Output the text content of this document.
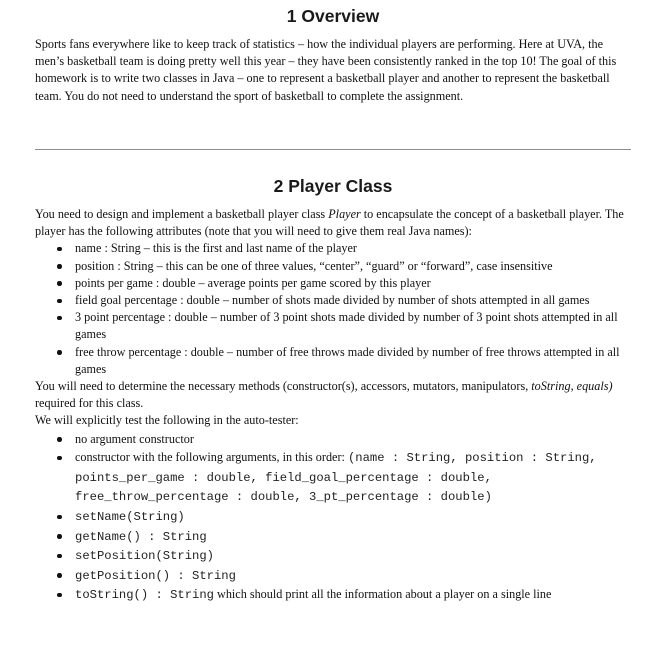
1 Overview

Sports fans everywhere like to keep track of statistics – how the individual players are performing. Here at UVA, the men’s basketball team is doing pretty well this year – they have been consistently ranked in the top 10! The goal of this homework is to write two classes in Java – one to represent a basketball player and another to represent the basketball team. You do not need to understand the sport of basketball to complete the assignment.

2 Player Class

You need to design and implement a basketball player class Player to encapsulate the concept of a basketball player. The player has the following attributes (note that you will need to give them real Java names):

name : String – this is the first and last name of the player
position : String – this can be one of three values, “center”, “guard” or “forward”, case insensitive
points per game : double – average points per game scored by this player
field goal percentage : double – number of shots made divided by number of shots attempted in all games
3 point percentage : double – number of 3 point shots made divided by number of 3 point shots attempted in all games
free throw percentage : double – number of free throws made divided by number of free throws attempted in all games

You will need to determine the necessary methods (constructor(s), accessors, mutators, manipulators, toString, equals) required for this class.

We will explicitly test the following in the auto-tester:

no argument constructor
constructor with the following arguments, in this order: (name : String, position : String,
points_per_game : double, field_goal_percentage : double,
free_throw_percentage : double, 3_pt_percentage : double)
setName(String)
getName() : String
setPosition(String)
getPosition() : String
toString() : String which should print all the information about a player on a single line
